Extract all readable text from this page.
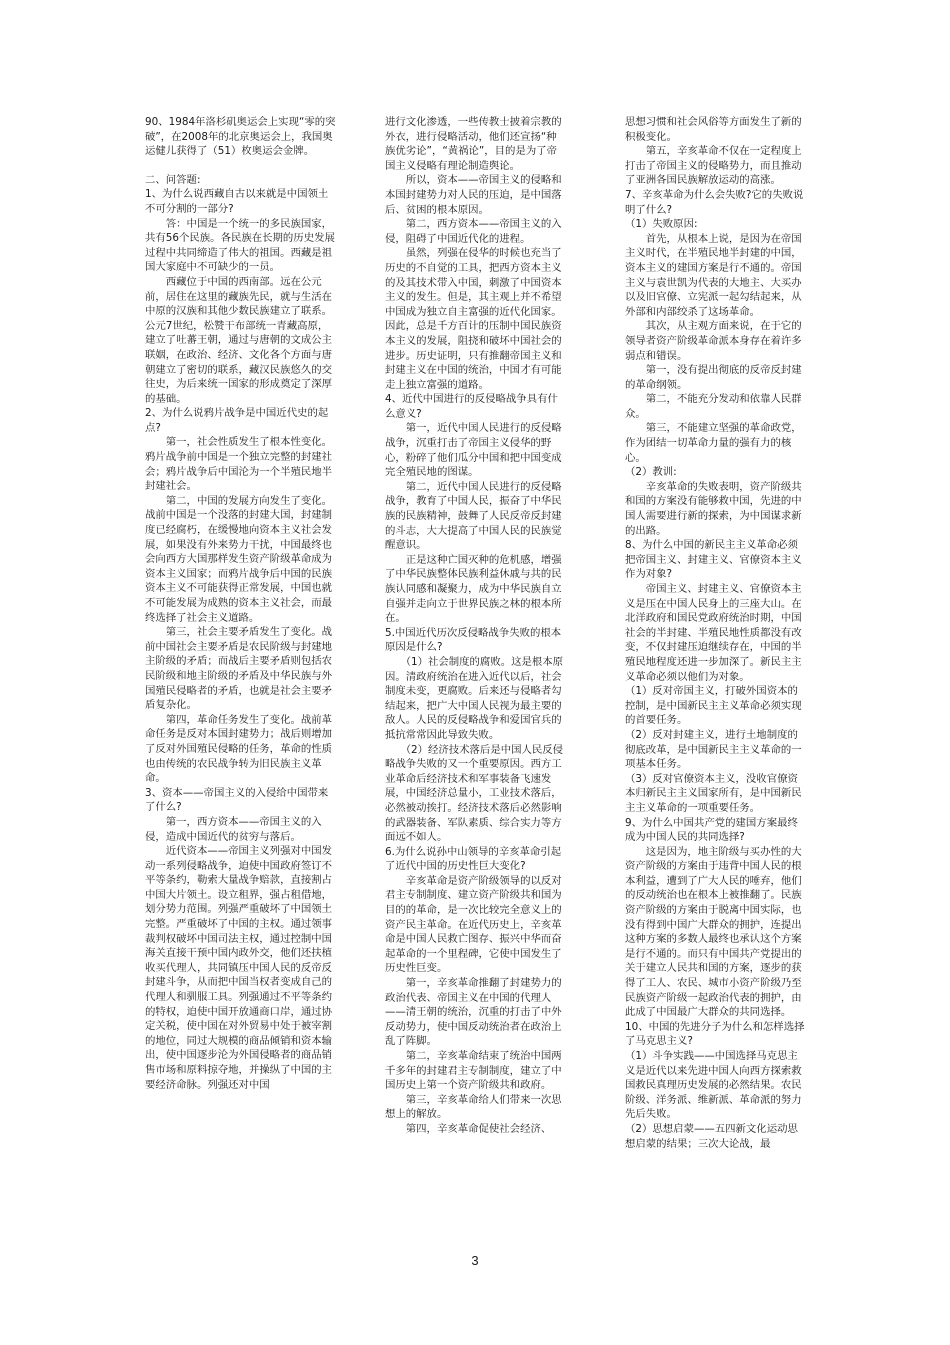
90、1984年洛杉矶奥运会上实现“零的突破”，在2008年的北京奥运会上，我国奥运健儿获得了（51）枚奥运会金牌。

二、问答题:

1、为什么说西藏自古以来就是中国领土不可分割的一部分?

　　答：中国是一个统一的多民族国家，共有56个民族。各民族在长期的历史发展过程中共同缔造了伟大的祖国。西藏是祖国大家庭中不可缺少的一员。

　　西藏位于中国的西南部。远在公元前，居住在这里的藏族先民，就与生活在中原的汉族和其他少数民族建立了联系。公元7世纪，松赞干布部统一青藏高原，建立了吐蕃王朝，通过与唐朝的文成公主联姻，在政治、经济、文化各个方面与唐朝建立了密切的联系，藏汉民族悠久的交往史，为后来统一国家的形成奠定了深厚的基础。

2、为什么说鸦片战争是中国近代史的起点?

　　第一，社会性质发生了根本性变化。鸦片战争前中国是一个独立完整的封建社会；鸦片战争后中国沦为一个半殖民地半封建社会。

　　第二，中国的发展方向发生了变化。战前中国是一个没落的封建大国，封建制度已经腐朽，在缓慢地向资本主义社会发展，如果没有外来势力干扰，中国最终也会向西方大国那样发生资产阶级革命成为资本主义国家；而鸦片战争后中国的民族资本主义不可能获得正常发展，中国也就不可能发展为成熟的资本主义社会，而最终选择了社会主义道路。

　　第三，社会主要矛盾发生了变化。战前中国社会主要矛盾是农民阶级与封建地主阶级的矛盾；而战后主要矛盾则包括农民阶级和地主阶级的矛盾及中华民族与外国殖民侵略者的矛盾，也就是社会主要矛盾复杂化。

　　第四，革命任务发生了变化。战前革命任务是反对本国封建势力；战后则增加了反对外国殖民侵略的任务，革命的性质也由传统的农民战争转为旧民族主义革命。

3、资本——帝国主义的入侵给中国带来了什么?

　　第一，西方资本——帝国主义的入侵，造成中国近代的贫穷与落后。

　　近代资本——帝国主义列强对中国发动一系列侵略战争，迫使中国政府签订不平等条约，勒索大量战争赔款，直接割占中国大片领土。设立租界，强占租借地，划分势力范围。列强严重破坏了中国领土完整。严重破坏了中国的主权。通过领事裁判权破坏中国司法主权，通过控制中国海关直接干预中国内政外交，他们还扶植收买代理人，共同镇压中国人民的反帝反封建斗争，从而把中国当权者变成自己的代理人和驯服工具。列强通过不平等条约的特权，迫使中国开放通商口岸，通过协定关税，使中国在对外贸易中处于被宰割的地位，同过大规模的商品倾销和资本输出，使中国逐步沦为外国侵略者的商品销售市场和原料掠夺地，并操纵了中国的主要经济命脉。列强还对中国

进行文化渗透，一些传教士披着宗教的外衣，进行侵略活动，他们还宣扬“种族优劣论”，“黄祸论”，目的是为了帝国主义侵略有理论制造舆论。

　　所以，资本——帝国主义的侵略和本国封建势力对人民的压迫，是中国落后、贫困的根本原因。

　　第二，西方资本——帝国主义的入侵，阻碍了中国近代化的进程。

　　虽然，列强在侵华的时候也充当了历史的不自觉的工具，把西方资本主义的及其技术带入中国，刺激了中国资本主义的发生。但是，其主观上并不希望中国成为独立自主富强的近代化国家。因此，总是千方百计的压制中国民族资本主义的发展，阻挠和破坏中国社会的进步。历史证明，只有推翻帝国主义和封建主义在中国的统治，中国才有可能走上独立富强的道路。

4、近代中国进行的反侵略战争具有什么意义?

　　第一，近代中国人民进行的反侵略战争，沉重打击了帝国主义侵华的野心，粉碎了他们瓜分中国和把中国变成完全殖民地的图谋。

　　第二，近代中国人民进行的反侵略战争，教育了中国人民，振奋了中华民族的民族精神，鼓舞了人民反帝反封建的斗志，大大提高了中国人民的民族觉醒意识。

　　正是这种亡国灭种的危机感，增强了中华民族整体民族利益休戚与共的民族认同感和凝聚力，成为中华民族自立自强并走向立于世界民族之林的根本所在。

5.中国近代历次反侵略战争失败的根本原因是什么?

　　（1）社会制度的腐败。这是根本原因。清政府统治在进入近代以后，社会制度未变，更腐败。后来还与侵略者勾结起来，把广大中国人民视为最主要的敌人。人民的反侵略战争和爱国官兵的抵抗常常因此导致失败。

　　（2）经济技术落后是中国人民反侵略战争失败的又一个重要原因。西方工业革命后经济技术和军事装备飞速发展，中国经济总量小，工业技术落后，必然被动挨打。经济技术落后必然影响的武器装备、军队素质、综合实力等方面远不如人。

6.为什么说孙中山领导的辛亥革命引起了近代中国的历史性巨大变化?

　　辛亥革命是资产阶级领导的以反对君主专制制度、建立资产阶级共和国为目的的革命，是一次比较完全意义上的资产民主革命。在近代历史上，辛亥革命是中国人民救亡图存、振兴中华而奋起革命的一个里程碑，它使中国发生了历史性巨变。

　　第一，辛亥革命推翻了封建势力的政治代表、帝国主义在中国的代理人——清王朝的统治，沉重的打击了中外反动势力，使中国反动统治者在政治上乱了阵脚。

　　第二，辛亥革命结束了统治中国两千多年的封建君主专制制度，建立了中国历史上第一个资产阶级共和政府。

　　第三，辛亥革命给人们带来一次思想上的解放。

　　第四，辛亥革命促使社会经济、

思想习惯和社会风俗等方面发生了新的积极变化。

　　第五，辛亥革命不仅在一定程度上打击了帝国主义的侵略势力，而且推动了亚洲各国民族解放运动的高涨。

7、辛亥革命为什么会失败?它的失败说明了什么?

（1）失败原因:

　　首先，从根本上说，是因为在帝国主义时代，在半殖民地半封建的中国，资本主义的建国方案是行不通的。帝国主义与袁世凯为代表的大地主、大买办以及旧官僚、立宪派一起勾结起来，从外部和内部绞杀了这场革命。

　　其次，从主观方面来说，在于它的领导者资产阶级革命派本身存在着许多弱点和错误。

　　第一，没有提出彻底的反帝反封建的革命纲领。

　　第二，不能充分发动和依靠人民群众。

　　第三，不能建立坚强的革命政党，作为团结一切革命力量的强有力的核心。

（2）教训:

　　辛亥革命的失败表明，资产阶级共和国的方案没有能够救中国，先进的中国人需要进行新的探索，为中国谋求新的出路。

8、为什么中国的新民主主义革命必须把帝国主义、封建主义、官僚资本主义作为对象?

　　帝国主义、封建主义、官僚资本主义是压在中国人民身上的三座大山。在北洋政府和国民党政府统治时期，中国社会的半封建、半殖民地性质都没有改变，不仅封建压迫继续存在，中国的半殖民地程度还进一步加深了。新民主主义革命必须以他们为对象。

（1）反对帝国主义，打破外国资本的控制，是中国新民主主义革命必须实现的首要任务。

（2）反对封建主义，进行土地制度的彻底改革，是中国新民主主义革命的一项基本任务。

（3）反对官僚资本主义，没收官僚资本归新民主主义国家所有，是中国新民主主义革命的一项重要任务。

9、为什么中国共产党的建国方案最终成为中国人民的共同选择?

　　这是因为，地主阶级与买办性的大资产阶级的方案由于违背中国人民的根本利益，遭到了广大人民的唾弃，他们的反动统治也在根本上被推翻了。民族资产阶级的方案由于脱离中国实际，也没有得到中国广大群众的拥护，连提出这种方案的多数人最终也承认这个方案是行不通的。而只有中国共产党提出的关于建立人民共和国的方案，逐步的获得了工人、农民、城市小资产阶级乃至民族资产阶级一起政治代表的拥护，由此成了中国最广大群众的共同选择。

10、中国的先进分子为什么和怎样选择了马克思主义?

（1）斗争实践——中国选择马克思主义是近代以来先进中国人向西方探索救国救民真理历史发展的必然结果。农民阶级、洋务派、维新派、革命派的努力先后失败。

（2）思想启蒙——五四新文化运动思想启蒙的结果；三次大论战，最

3
